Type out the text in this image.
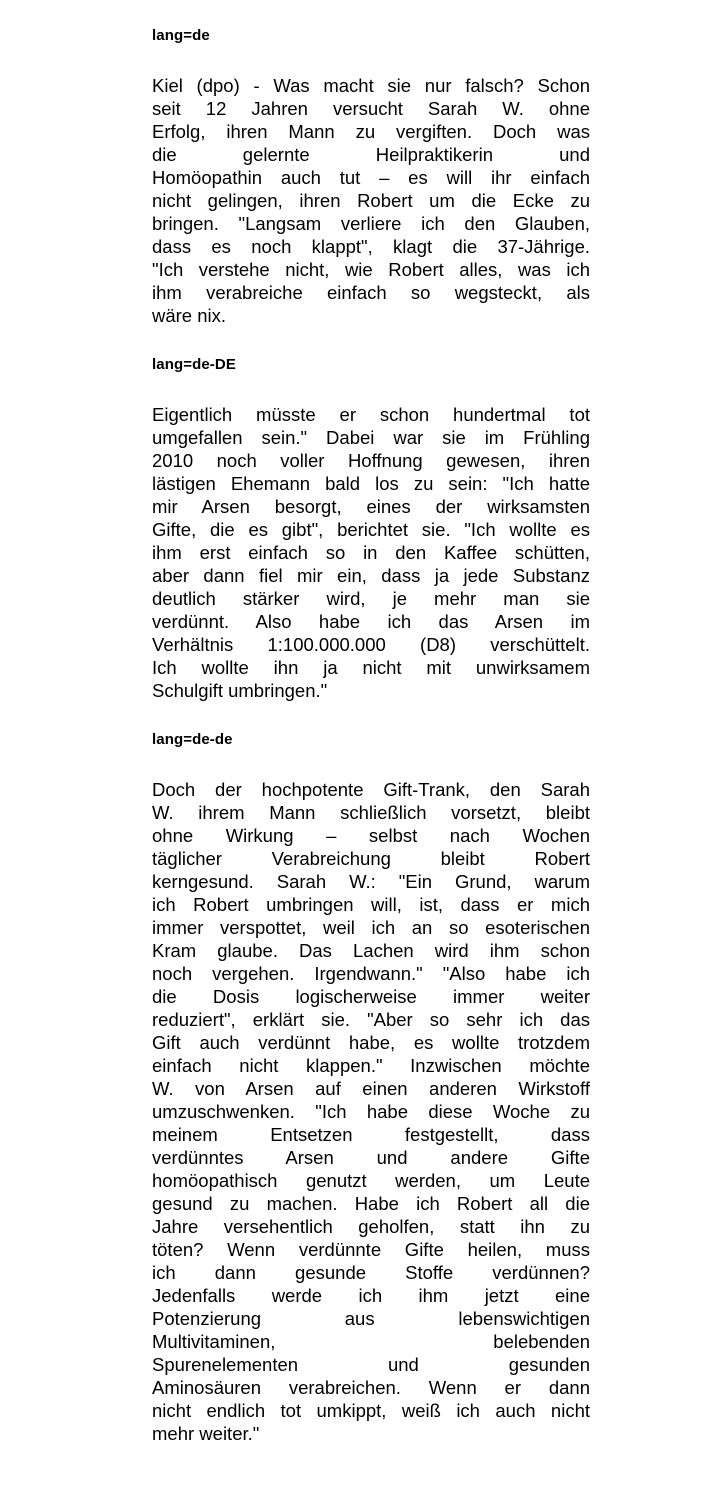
lang=de
Kiel (dpo) - Was macht sie nur falsch? Schon
seit 12 Jahren versucht Sarah W. ohne
Erfolg, ihren Mann zu vergiften. Doch was
die gelernte Heilpraktikerin und
Homöopathin auch tut – es will ihr einfach
nicht gelingen, ihren Robert um die Ecke zu
bringen. "Langsam verliere ich den Glauben,
dass es noch klappt", klagt die 37-Jährige.
"Ich verstehe nicht, wie Robert alles, was ich
ihm verabreiche einfach so wegsteckt, als
wäre nix.
lang=de-DE
Eigentlich müsste er schon hundertmal tot
umgefallen sein." Dabei war sie im Frühling
2010 noch voller Hoffnung gewesen, ihren
lästigen Ehemann bald los zu sein: "Ich hatte
mir Arsen besorgt, eines der wirksamsten
Gifte, die es gibt", berichtet sie. "Ich wollte es
ihm erst einfach so in den Kaffee schütten,
aber dann fiel mir ein, dass ja jede Substanz
deutlich stärker wird, je mehr man sie
verdünnt. Also habe ich das Arsen im
Verhältnis 1:100.000.000 (D8) verschüttelt.
Ich wollte ihn ja nicht mit unwirksamem
Schulgift umbringen."
lang=de-de
Doch der hochpotente Gift-Trank, den Sarah
W. ihrem Mann schließlich vorsetzt, bleibt
ohne Wirkung – selbst nach Wochen
täglicher Verabreichung bleibt Robert
kerngesund. Sarah W.: "Ein Grund, warum
ich Robert umbringen will, ist, dass er mich
immer verspottet, weil ich an so esoterischen
Kram glaube. Das Lachen wird ihm schon
noch vergehen. Irgendwann." "Also habe ich
die Dosis logischerweise immer weiter
reduziert", erklärt sie. "Aber so sehr ich das
Gift auch verdünnt habe, es wollte trotzdem
einfach nicht klappen." Inzwischen möchte
W. von Arsen auf einen anderen Wirkstoff
umzuschwenken. "Ich habe diese Woche zu
meinem Entsetzen festgestellt, dass
verdünntes Arsen und andere Gifte
homöopathisch genutzt werden, um Leute
gesund zu machen. Habe ich Robert all die
Jahre versehentlich geholfen, statt ihn zu
töten? Wenn verdünnte Gifte heilen, muss
ich dann gesunde Stoffe verdünnen?
Jedenfalls werde ich ihm jetzt eine
Potenzierung aus lebenswichtigen
Multivitaminen, belebenden
Spurenelementen und gesunden
Aminosäuren verabreichen. Wenn er dann
nicht endlich tot umkippt, weiß ich auch nicht
mehr weiter."
